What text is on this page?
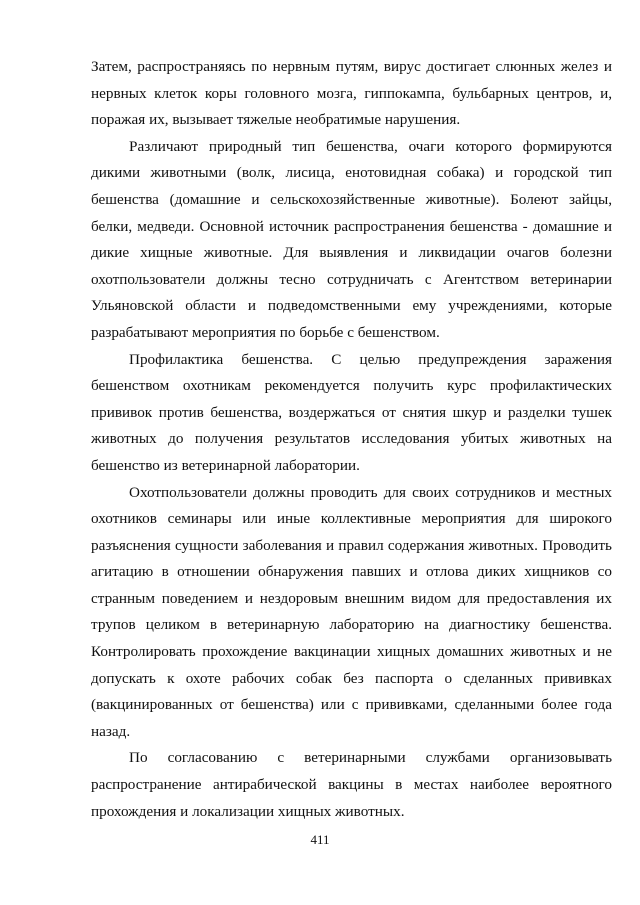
Затем, распространяясь по нервным путям, вирус достигает слюнных желез и нервных клеток коры головного мозга, гиппокампа, бульбарных центров, и, поражая их, вызывает тяжелые необратимые нарушения.

Различают природный тип бешенства, очаги которого формируются дикими животными (волк, лисица, енотовидная собака) и городской тип бешенства (домашние и сельскохозяйственные животные). Болеют зайцы, белки, медведи. Основной источник распространения бешенства - домашние и дикие хищные животные. Для выявления и ликвидации очагов болезни охотпользователи должны тесно сотрудничать с Агентством ветеринарии Ульяновской области и подведомственными ему учреждениями, которые разрабатывают мероприятия по борьбе с бешенством.

Профилактика бешенства. С целью предупреждения заражения бешенством охотникам рекомендуется получить курс профилактических прививок против бешенства, воздержаться от снятия шкур и разделки тушек животных до получения результатов исследования убитых животных на бешенство из ветеринарной лаборатории.

Охотпользователи должны проводить для своих сотрудников и местных охотников семинары или иные коллективные мероприятия для широкого разъяснения сущности заболевания и правил содержания животных. Проводить агитацию в отношении обнаружения павших и отлова диких хищников со странным поведением и нездоровым внешним видом для предоставления их трупов целиком в ветеринарную лабораторию на диагностику бешенства. Контролировать прохождение вакцинации хищных домашних животных и не допускать к охоте рабочих собак без паспорта о сделанных прививках (вакцинированных от бешенства) или с прививками, сделанными более года назад.

По согласованию с ветеринарными службами организовывать распространение антирабической вакцины в местах наиболее вероятного прохождения и локализации хищных животных.

411
